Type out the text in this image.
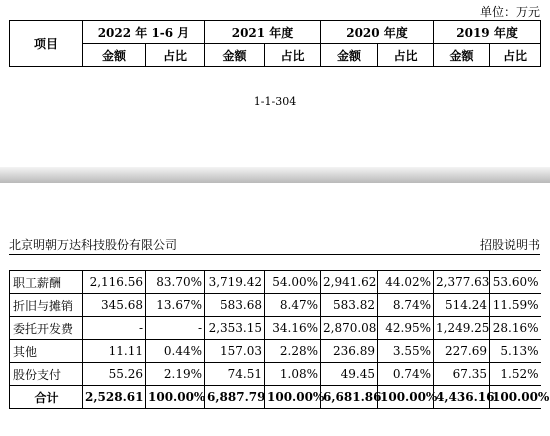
单位：万元
项目	2022 年 1-6 月		2021 年度		2020 年度		2019 年度	
	金额	占比	金额	占比	金额	占比	金额	占比
1-1-304
北京明朝万达科技股份有限公司	招股说明书
职工薪酬	2,116.56	83.70%	3,719.42	54.00%	2,941.62	44.02%	2,377.63	53.60%
折旧与摊销	345.68	13.67%	583.68	8.47%	583.82	8.74%	514.24	11.59%
委托开发费	-	-	2,353.15	34.16%	2,870.08	42.95%	1,249.25	28.16%
其他	11.11	0.44%	157.03	2.28%	236.89	3.55%	227.69	5.13%
股份支付	55.26	2.19%	74.51	1.08%	49.45	0.74%	67.35	1.52%
合计	2,528.61	100.00%	6,887.79	100.00%	6,681.86	100.00%	4,436.16	100.00%
